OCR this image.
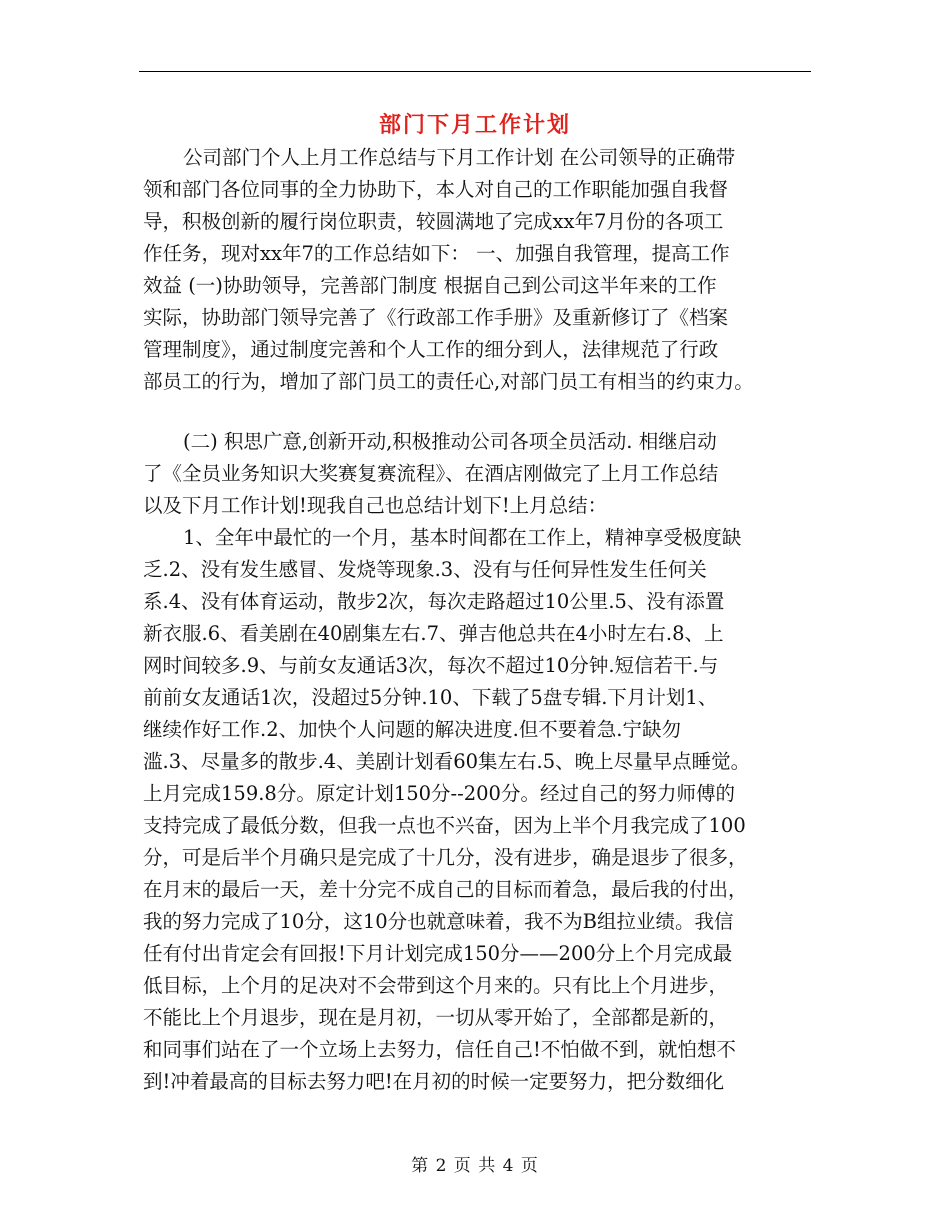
部门下月工作计划
公司部门个人上月工作总结与下月工作计划 在公司领导的正确带
领和部门各位同事的全力协助下，本人对自己的工作职能加强自我督
导，积极创新的履行岗位职责，较圆满地了完成xx年7月份的各项工
作任务，现对xx年7的工作总结如下： 一、加强自我管理，提高工作
效益 (一)协助领导，完善部门制度 根据自己到公司这半年来的工作
实际，协助部门领导完善了《行政部工作手册》及重新修订了《档案
管理制度》，通过制度完善和个人工作的细分到人，法律规范了行政
部员工的行为，增加了部门员工的责任心,对部门员工有相当的约束力。
(二) 积思广意,创新开动,积极推动公司各项全员活动. 相继启动
了《全员业务知识大奖赛复赛流程》、在酒店刚做完了上月工作总结
以及下月工作计划!现我自己也总结计划下!上月总结：
1、全年中最忙的一个月，基本时间都在工作上，精神享受极度缺
乏.2、没有发生感冒、发烧等现象.3、没有与任何异性发生任何关
系.4、没有体育运动，散步2次，每次走路超过10公里.5、没有添置
新衣服.6、看美剧在40剧集左右.7、弹吉他总共在4小时左右.8、上
网时间较多.9、与前女友通话3次，每次不超过10分钟.短信若干.与
前前女友通话1次，没超过5分钟.10、下载了5盘专辑.下月计划1、
继续作好工作.2、加快个人问题的解决进度.但不要着急.宁缺勿
滥.3、尽量多的散步.4、美剧计划看60集左右.5、晚上尽量早点睡觉。
上月完成159.8分。原定计划150分--200分。经过自己的努力师傅的
支持完成了最低分数，但我一点也不兴奋，因为上半个月我完成了100
分，可是后半个月确只是完成了十几分，没有进步，确是退步了很多，
在月末的最后一天，差十分完不成自己的目标而着急，最后我的付出，
我的努力完成了10分，这10分也就意味着，我不为B组拉业绩。我信
任有付出肯定会有回报!下月计划完成150分——200分上个月完成最
低目标，上个月的足决对不会带到这个月来的。只有比上个月进步，
不能比上个月退步，现在是月初，一切从零开始了，全部都是新的，
和同事们站在了一个立场上去努力，信任自己!不怕做不到，就怕想不
到!冲着最高的目标去努力吧!在月初的时候一定要努力，把分数细化
第 2 页 共 4 页
